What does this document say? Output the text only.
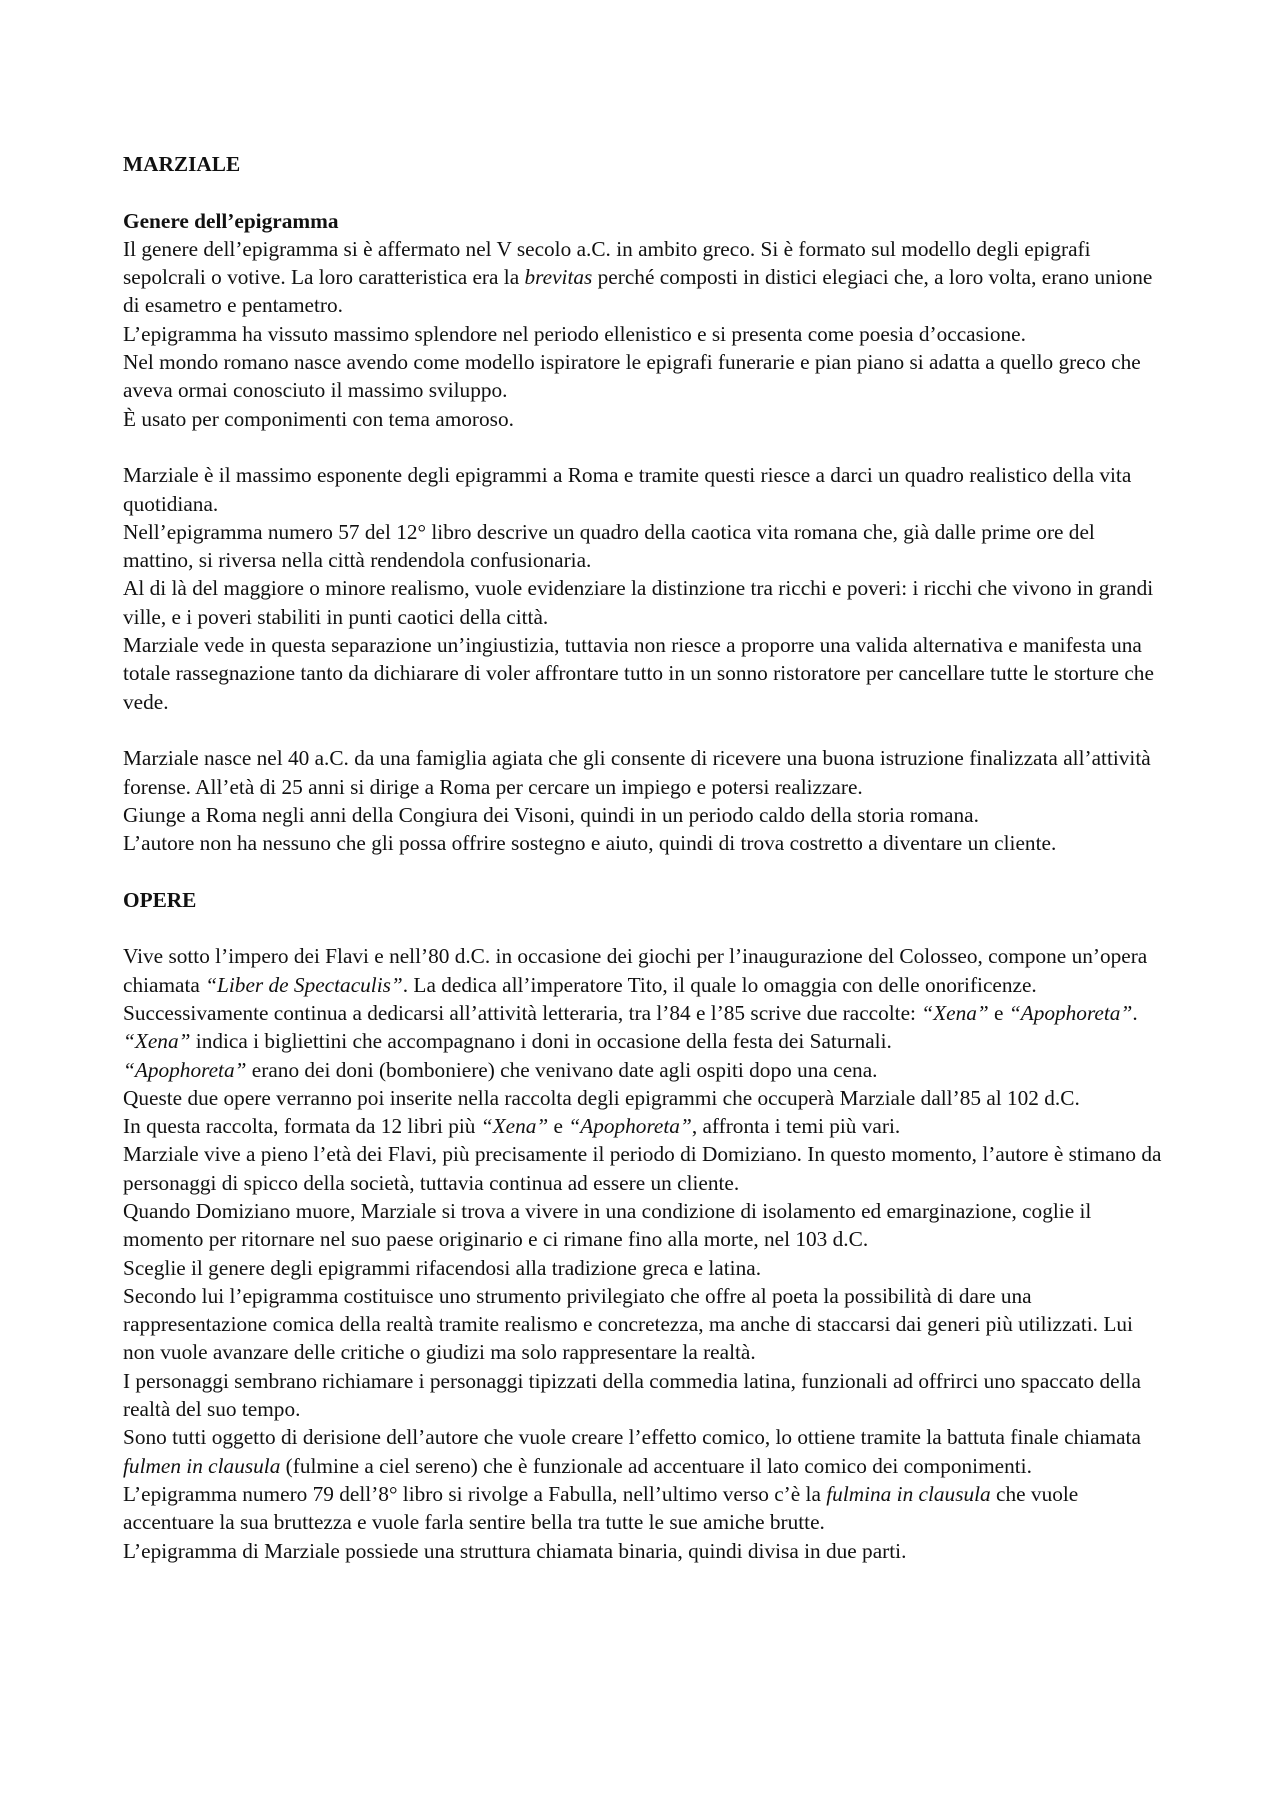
MARZIALE

Genere dell’epigramma

Il genere dell’epigramma si è affermato nel V secolo a.C. in ambito greco. Si è formato sul modello degli epigrafi sepolcrali o votive. La loro caratteristica era la brevitas perché composti in distici elegiaci che, a loro volta, erano unione di esametro e pentametro.

L’epigramma ha vissuto massimo splendore nel periodo ellenistico e si presenta come poesia d’occasione.

Nel mondo romano nasce avendo come modello ispiratore le epigrafi funerarie e pian piano si adatta a quello greco che aveva ormai conosciuto il massimo sviluppo.

È usato per componimenti con tema amoroso.

Marziale è il massimo esponente degli epigrammi a Roma e tramite questi riesce a darci un quadro realistico della vita quotidiana.

Nell’epigramma numero 57 del 12° libro descrive un quadro della caotica vita romana che, già dalle prime ore del mattino, si riversa nella città rendendola confusionaria.

Al di là del maggiore o minore realismo, vuole evidenziare la distinzione tra ricchi e poveri: i ricchi che vivono in grandi ville, e i poveri stabiliti in punti caotici della città.

Marziale vede in questa separazione un’ingiustizia, tuttavia non riesce a proporre una valida alternativa e manifesta una totale rassegnazione tanto da dichiarare di voler affrontare tutto in un sonno ristoratore per cancellare tutte le storture che vede.

Marziale nasce nel 40 a.C. da una famiglia agiata che gli consente di ricevere una buona istruzione finalizzata all’attività forense. All’età di 25 anni si dirige a Roma per cercare un impiego e potersi realizzare.

Giunge a Roma negli anni della Congiura dei Visoni, quindi in un periodo caldo della storia romana.

L’autore non ha nessuno che gli possa offrire sostegno e aiuto, quindi di trova costretto a diventare un cliente.

OPERE

Vive sotto l’impero dei Flavi e nell’80 d.C. in occasione dei giochi per l’inaugurazione del Colosseo, compone un’opera chiamata “Liber de Spectaculis”. La dedica all’imperatore Tito, il quale lo omaggia con delle onorificenze. Successivamente continua a dedicarsi all’attività letteraria, tra l’84 e l’85 scrive due raccolte: “Xena” e “Apophoreta”.

“Xena” indica i bigliettini che accompagnano i doni in occasione della festa dei Saturnali.

“Apophoreta” erano dei doni (bomboniere) che venivano date agli ospiti dopo una cena.

Queste due opere verranno poi inserite nella raccolta degli epigrammi che occuperà Marziale dall’85 al 102 d.C.

In questa raccolta, formata da 12 libri più “Xena” e “Apophoreta”, affronta i temi più vari.

Marziale vive a pieno l’età dei Flavi, più precisamente il periodo di Domiziano. In questo momento, l’autore è stimano da personaggi di spicco della società, tuttavia continua ad essere un cliente.

Quando Domiziano muore, Marziale si trova a vivere in una condizione di isolamento ed emarginazione, coglie il momento per ritornare nel suo paese originario e ci rimane fino alla morte, nel 103 d.C.

Sceglie il genere degli epigrammi rifacendosi alla tradizione greca e latina.

Secondo lui l’epigramma costituisce uno strumento privilegiato che offre al poeta la possibilità di dare una rappresentazione comica della realtà tramite realismo e concretezza, ma anche di staccarsi dai generi più utilizzati. Lui non vuole avanzare delle critiche o giudizi ma solo rappresentare la realtà.

I personaggi sembrano richiamare i personaggi tipizzati della commedia latina, funzionali ad offrirci uno spaccato della realtà del suo tempo.

Sono tutti oggetto di derisione dell’autore che vuole creare l’effetto comico, lo ottiene tramite la battuta finale chiamata fulmen in clausula (fulmine a ciel sereno) che è funzionale ad accentuare il lato comico dei componimenti.

L’epigramma numero 79 dell’8° libro si rivolge a Fabulla, nell’ultimo verso c’è la fulmina in clausula che vuole accentuare la sua bruttezza e vuole farla sentire bella tra tutte le sue amiche brutte.

L’epigramma di Marziale possiede una struttura chiamata binaria, quindi divisa in due parti.
